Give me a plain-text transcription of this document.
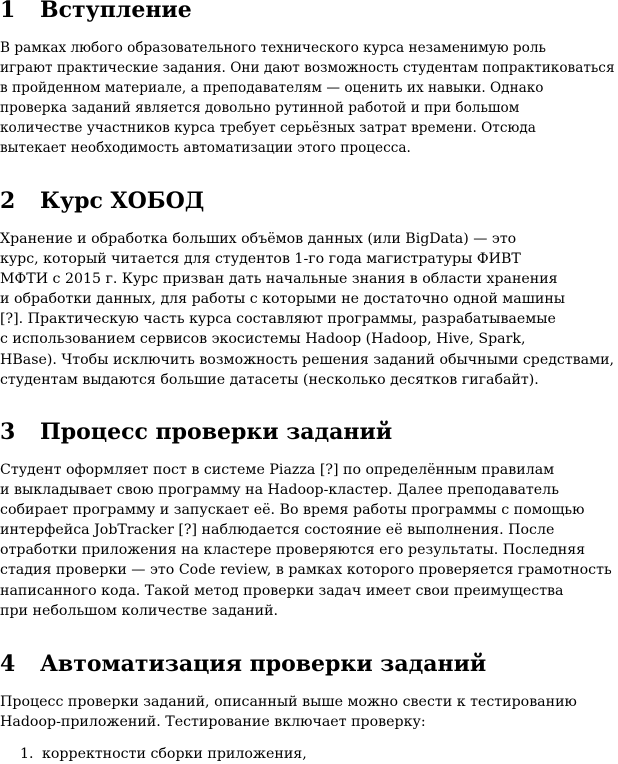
1 Вступление
В рамках любого образовательного технического курса незаменимую роль
играют практические задания. Они дают возможность студентам попрактиковаться
в пройденном материале, а преподавателям — оценить их навыки. Однако
проверка заданий является довольно рутинной работой и при большом
количестве участников курса требует серьёзных затрат времени. Отсюда
вытекает необходимость автоматизации этого процесса.
2 Курс ХОБОД
Хранение и обработка больших объёмов данных (или BigData) — это
курс, который читается для студентов 1-го года магистратуры ФИВТ
МФТИ с 2015 г. Курс призван дать начальные знания в области хранения
и обработки данных, для работы с которыми не достаточно одной машины
[?]. Практическую часть курса составляют программы, разрабатываемые
с использованием сервисов экосистемы Hadoop (Hadoop, Hive, Spark,
HBase). Чтобы исключить возможность решения заданий обычными средствами,
студентам выдаются большие датасеты (несколько десятков гигабайт).
3 Процесс проверки заданий
Студент оформляет пост в системе Piazza [?] по определённым правилам
и выкладывает свою программу на Hadoop-кластер. Далее преподаватель
собирает программу и запускает её. Во время работы программы с помощью
интерфейса JobTracker [?] наблюдается состояние её выполнения. После
отработки приложения на кластере проверяются его результаты. Последняя
стадия проверки — это Code review, в рамках которого проверяется грамотность
написанного кода. Такой метод проверки задач имеет свои преимущества
при небольшом количестве заданий.
4 Автоматизация проверки заданий
Процесс проверки заданий, описанный выше можно свести к тестированию
Hadoop-приложений. Тестирование включает проверку:
1. корректности сборки приложения,
